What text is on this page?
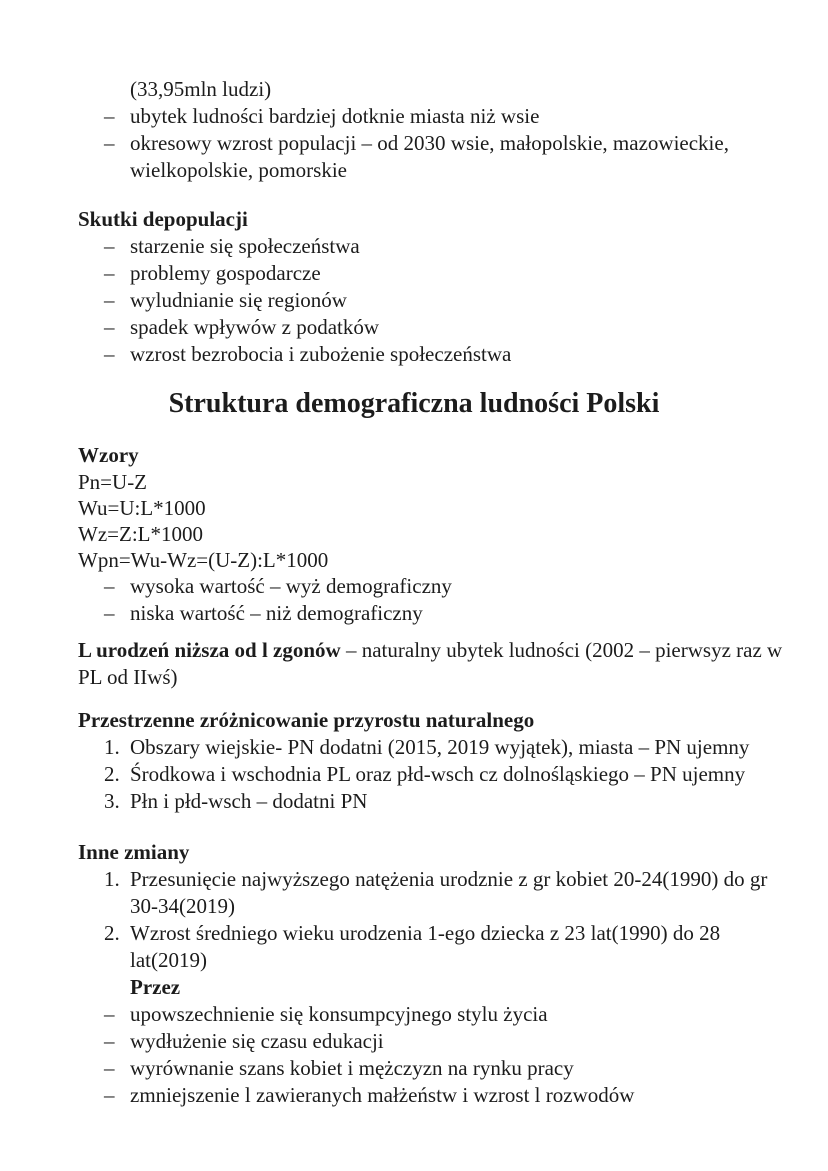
(33,95mln ludzi)
– ubytek ludności bardziej dotknie miasta niż wsie
– okresowy wzrost populacji – od 2030 wsie, małopolskie, mazowieckie, wielkopolskie, pomorskie
Skutki depopulacji
– starzenie się społeczeństwa
– problemy gospodarcze
– wyludnianie się regionów
– spadek wpływów z podatków
– wzrost bezrobocia i zubożenie społeczeństwa
Struktura demograficzna ludności Polski
Wzory
Pn=U-Z
Wu=U:L*1000
Wz=Z:L*1000
Wpn=Wu-Wz=(U-Z):L*1000
– wysoka wartość – wyż demograficzny
– niska wartość – niż demograficzny

L urodzeń niższa od l zgonów – naturalny ubytek ludności (2002 – pierwsyz raz w PL od IIwś)

Przestrzenne zróżnicowanie przyrostu naturalnego
Obszary wiejskie- PN dodatni (2015, 2019 wyjątek), miasta – PN ujemny
Środkowa i wschodnia PL oraz płd-wsch cz dolnośląskiego – PN ujemny
Płn i płd-wsch – dodatni PN
Inne zmiany
Przesunięcie najwyższego natężenia urodznie z gr kobiet 20-24(1990) do gr 30-34(2019)
Wzrost średniego wieku urodzenia 1-ego dziecka z 23 lat(1990) do 28 lat(2019)
Przez
– upowszechnienie się konsumpcyjnego stylu życia
– wydłużenie się czasu edukacji
– wyrównanie szans kobiet i mężczyzn na rynku pracy
– zmniejszenie l zawieranych małżeństw i wzrost l rozwodów
